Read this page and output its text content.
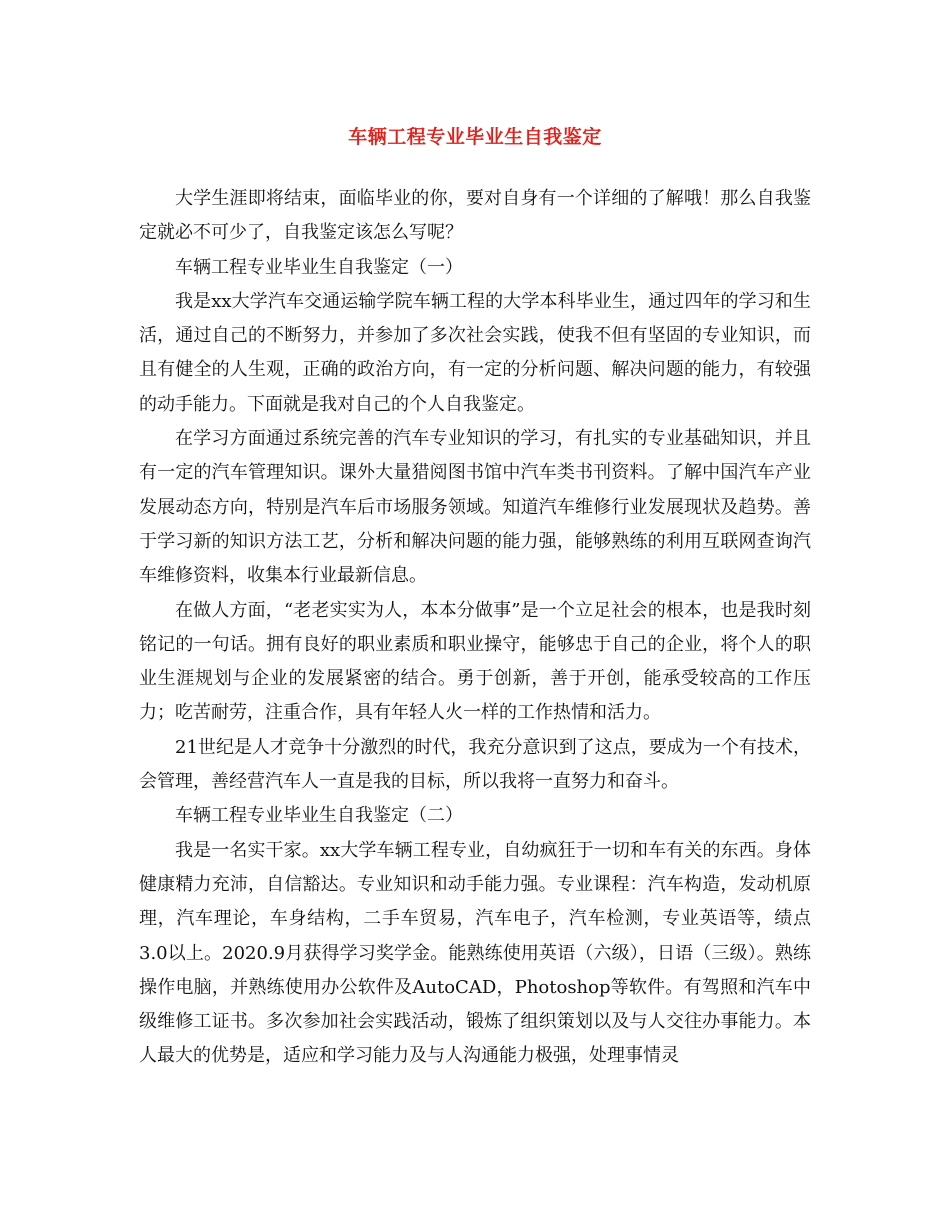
车辆工程专业毕业生自我鉴定

大学生涯即将结束，面临毕业的你，要对自身有一个详细的了解哦！那么自我鉴定就必不可少了，自我鉴定该怎么写呢？

车辆工程专业毕业生自我鉴定（一）

我是xx大学汽车交通运输学院车辆工程的大学本科毕业生，通过四年的学习和生活，通过自己的不断努力，并参加了多次社会实践，使我不但有坚固的专业知识，而且有健全的人生观，正确的政治方向，有一定的分析问题、解决问题的能力，有较强的动手能力。下面就是我对自己的个人自我鉴定。

在学习方面通过系统完善的汽车专业知识的学习，有扎实的专业基础知识，并且有一定的汽车管理知识。课外大量猎阅图书馆中汽车类书刊资料。了解中国汽车产业发展动态方向，特别是汽车后市场服务领域。知道汽车维修行业发展现状及趋势。善于学习新的知识方法工艺，分析和解决问题的能力强，能够熟练的利用互联网查询汽车维修资料，收集本行业最新信息。

在做人方面，“老老实实为人，本本分做事”是一个立足社会的根本，也是我时刻铭记的一句话。拥有良好的职业素质和职业操守，能够忠于自己的企业，将个人的职业生涯规划与企业的发展紧密的结合。勇于创新，善于开创，能承受较高的工作压力；吃苦耐劳，注重合作，具有年轻人火一样的工作热情和活力。

21世纪是人才竞争十分激烈的时代，我充分意识到了这点，要成为一个有技术，会管理，善经营汽车人一直是我的目标，所以我将一直努力和奋斗。

车辆工程专业毕业生自我鉴定（二）

我是一名实干家。xx大学车辆工程专业，自幼疯狂于一切和车有关的东西。身体健康精力充沛，自信豁达。专业知识和动手能力强。专业课程：汽车构造，发动机原理，汽车理论，车身结构，二手车贸易，汽车电子，汽车检测，专业英语等，绩点3.0以上。2020.9月获得学习奖学金。能熟练使用英语（六级），日语（三级）。熟练操作电脑，并熟练使用办公软件及AutoCAD，Photoshop等软件。有驾照和汽车中级维修工证书。多次参加社会实践活动，锻炼了组织策划以及与人交往办事能力。本人最大的优势是，适应和学习能力及与人沟通能力极强，处理事情灵
